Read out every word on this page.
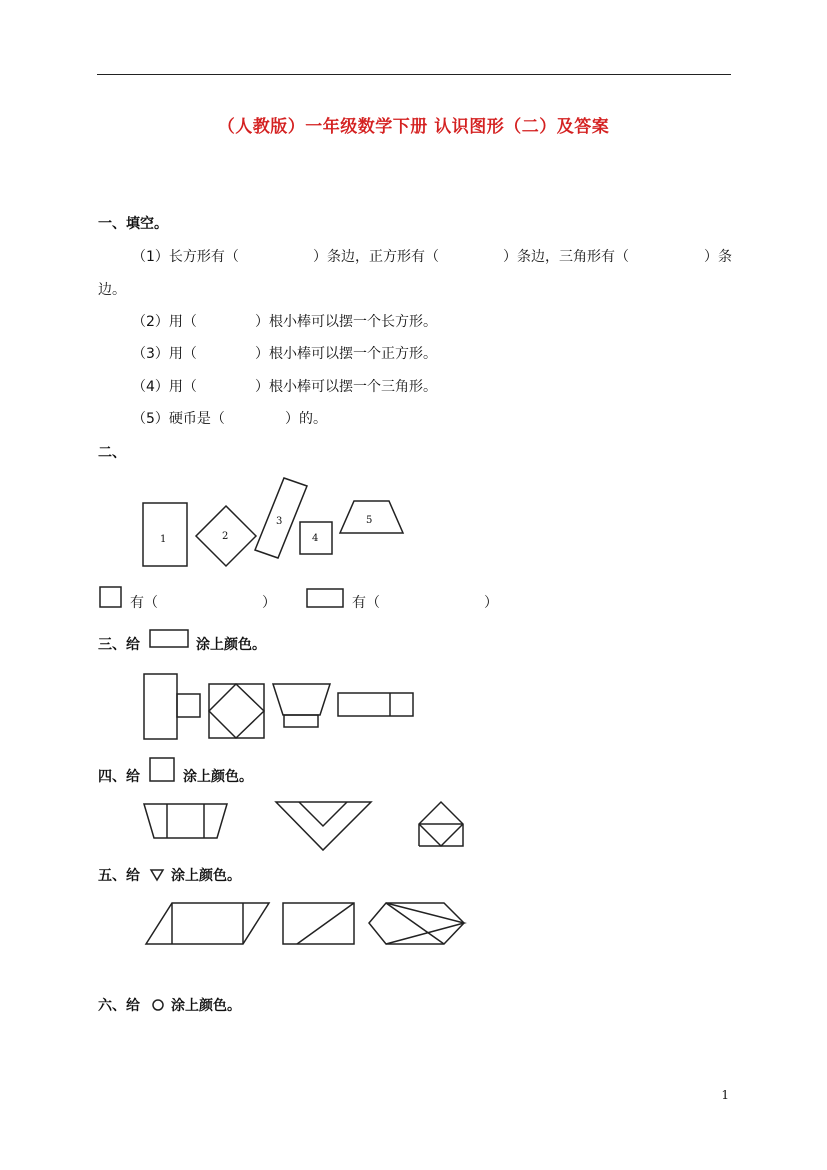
（人教版）一年级数学下册 认识图形（二）及答案
一、填空。
（1）长方形有（	）条边，正方形有（	）条边，三角形有（	）条
边。
（2）用（	）根小棒可以摆一个长方形。
（3）用（	）根小棒可以摆一个正方形。
（4）用（	）根小棒可以摆一个三角形。
（5）硬币是（	）的。
二、
1	2
3
4
5
有（	）	有（	）
三、给	涂上颜色。
四、给	涂上颜色。
五、给 涂上颜色。
六、给 涂上颜色。
1
